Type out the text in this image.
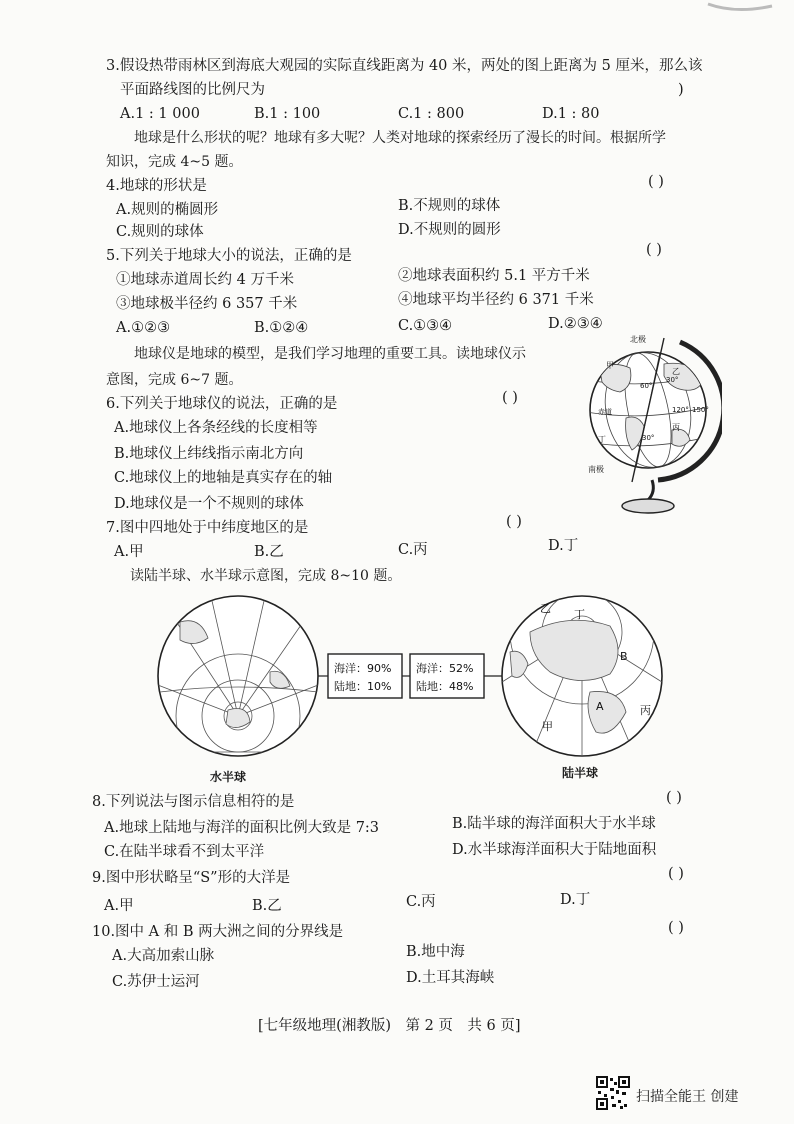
3.假设热带雨林区到海底大观园的实际直线距离为 40 米，两处的图上距离为 5 厘米，那么该
平面路线图的比例尺为	)
A.1 : 1 000	B.1 : 100	C.1 : 800	D.1 : 80
地球是什么形状的呢？地球有多大呢？人类对地球的探索经历了漫长的时间。根据所学
知识，完成 4~5 题。
4.地球的形状是	( )
A.规则的椭圆形	B.不规则的球体
C.规则的球体	D.不规则的圆形
5.下列关于地球大小的说法，正确的是	( )
①地球赤道周长约 4 万千米	②地球表面积约 5.1 平方千米
③地球极半径约 6 357 千米	④地球平均半径约 6 371 千米
A.①②③	B.①②④	C.①③④	D.②③④
地球仪是地球的模型，是我们学习地理的重要工具。读地球仪示
意图，完成 6~7 题。
6.下列关于地球仪的说法，正确的是	( )
A.地球仪上各条经线的长度相等
B.地球仪上纬线指示南北方向
C.地球仪上的地轴是真实存在的轴
D.地球仪是一个不规则的球体
7.图中四地处于中纬度地区的是	( )
A.甲	B.乙	C.丙	D.丁
北极
南极
30°
30°
60°
120° 150°
甲
乙
丙
丁
赤道
读陆半球、水半球示意图，完成 8~10 题。
海洋：90%
陆地：10%
海洋：52%
陆地：48%
乙 丁
B
丙
A
甲
水半球	陆半球
8.下列说法与图示信息相符的是	( )
A.地球上陆地与海洋的面积比例大致是 7:3	B.陆半球的海洋面积大于水半球
C.在陆半球看不到太平洋	D.水半球海洋面积大于陆地面积
9.图中形状略呈“S”形的大洋是	( )
A.甲	B.乙	C.丙	D.丁
10.图中 A 和 B 两大洲之间的分界线是	( )
A.大高加索山脉	B.地中海
C.苏伊士运河	D.土耳其海峡
[七年级地理(湘教版)　第 2 页　共 6 页]
扫描全能王 创建
